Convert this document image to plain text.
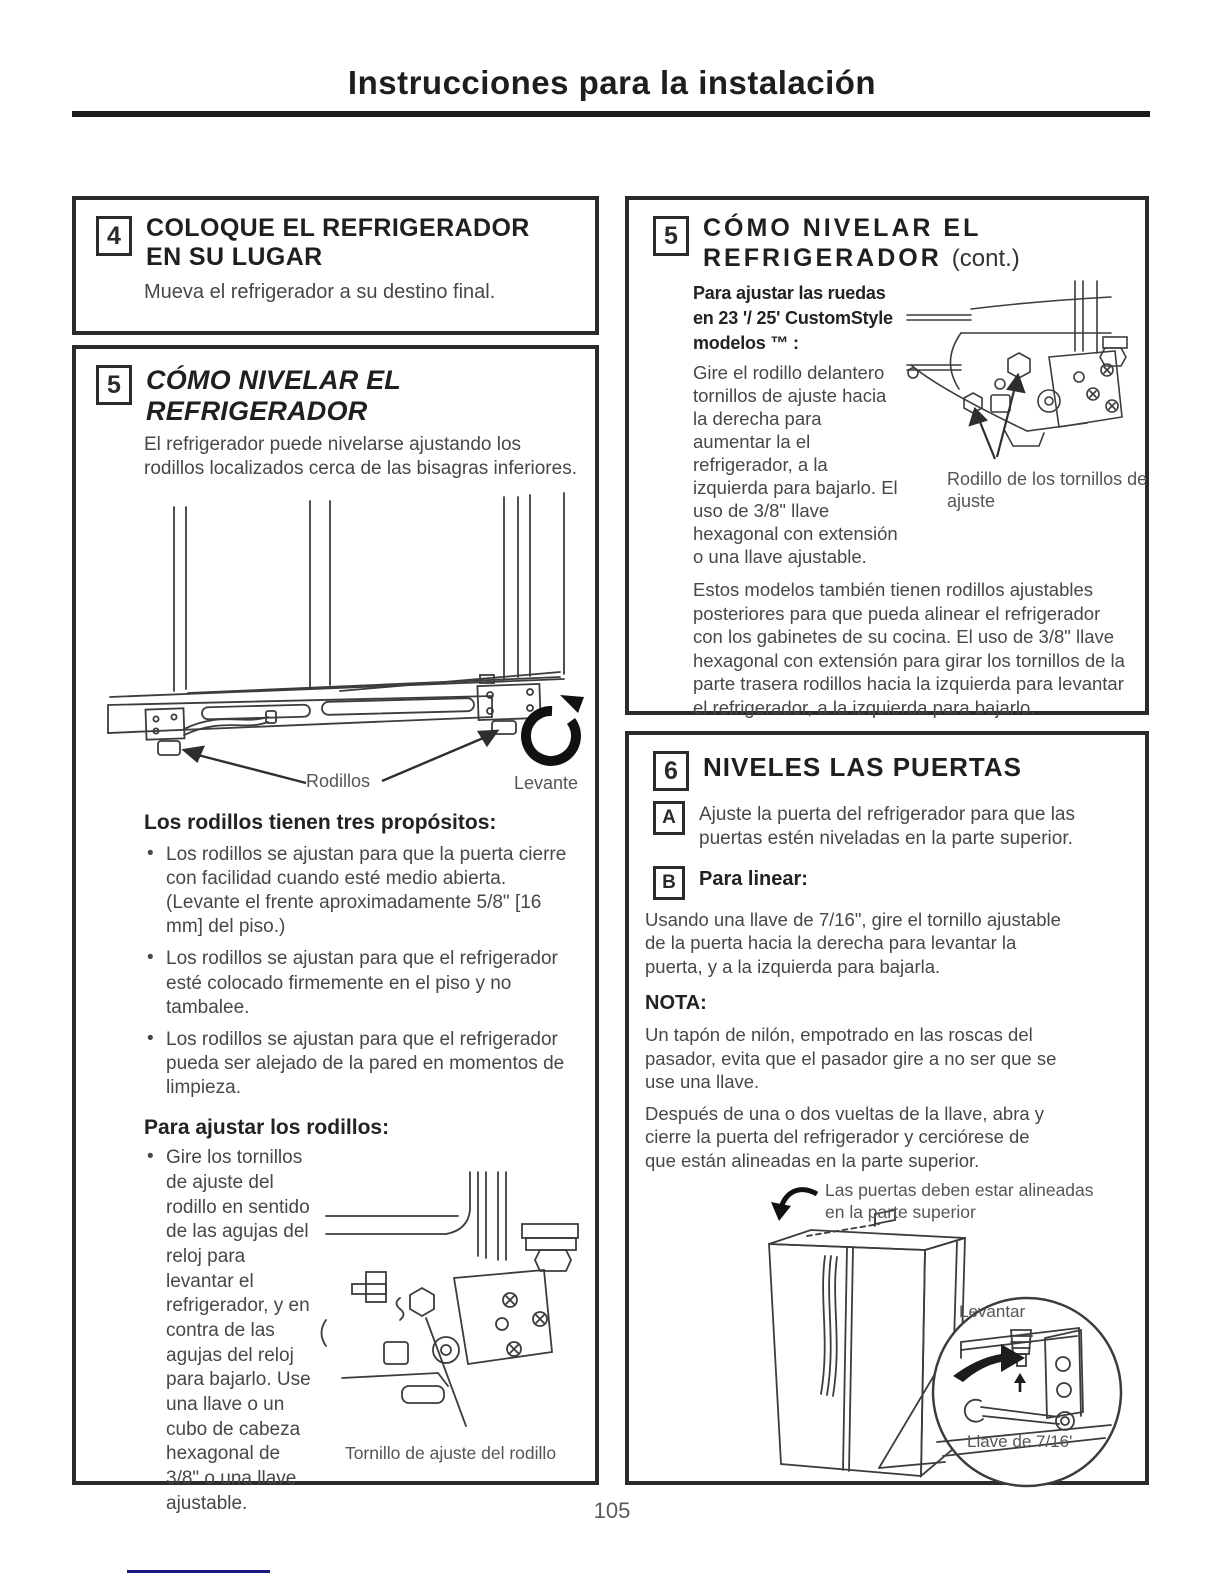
Instrucciones para la instalación
4	COLOQUE EL REFRIGERADOR
EN SU LUGAR

Mueva el refrigerador a su destino final.

5 CÓMO NIVELAR EL REFRIGERADOR

El refrigerador puede nivelarse ajustando los rodillos localizados cerca de las bisagras inferiores.

Rodillos	Levante
Los rodillos tienen tres propósitos:
• Los rodillos se ajustan para que la puerta cierre con facilidad cuando esté medio abierta. (Levante el frente aproximadamente 5/8" [16 mm] del piso.)
• Los rodillos se ajustan para que el refrigerador esté colocado firmemente en el piso y no tambalee.
• Los rodillos se ajustan para que el refrigerador pueda ser alejado de la pared en momentos de limpieza.
Para ajustar los rodillos:
Tornillo de ajuste del rodillo

• Gire los tornillos de ajuste del rodillo en sentido de las agujas del reloj para levantar el refrigerador, y en contra de las agujas del reloj para bajarlo. Use una llave o un cubo de cabeza hexagonal de 3/8" o una llave ajustable.

5	CÓMO NIVELAR EL
REFRIGERADOR (cont.)
Rodillo de los tornillos de ajuste
Para ajustar las ruedas
en 23 '/ 25' CustomStyle
modelos ™ :

Gire el rodillo delantero tornillos de ajuste hacia la derecha para aumentar la el refrigerador, a la izquierda para bajarlo. El uso de 3/8" llave hexagonal con extensión o una llave ajustable.

Estos modelos también tienen rodillos ajustables posteriores para que pueda alinear el refrigerador con los gabinetes de su cocina. El uso de 3/8" llave hexagonal con extensión para girar los tornillos de la parte trasera rodillos hacia la izquierda para levantar el refrigerador, a la izquierda para bajarlo.

6 NIVELES LAS PUERTAS
A	Ajuste la puerta del refrigerador para que las puertas estén niveladas en la parte superior.

B	Para linear:

Usando una llave de 7/16", gire el tornillo ajustable de la puerta hacia la derecha para levantar la puerta, y a la izquierda para bajarla.

NOTA:

Un tapón de nilón, empotrado en las roscas del pasador, evita que el pasador gire a no ser que se use una llave.

Después de una o dos vueltas de la llave, abra y cierre la puerta del refrigerador y cerciórese de que están alineadas en la parte superior.

Las puertas deben estar alineadas
en la parte superior
Levantar
Llave de 7/16'
105
